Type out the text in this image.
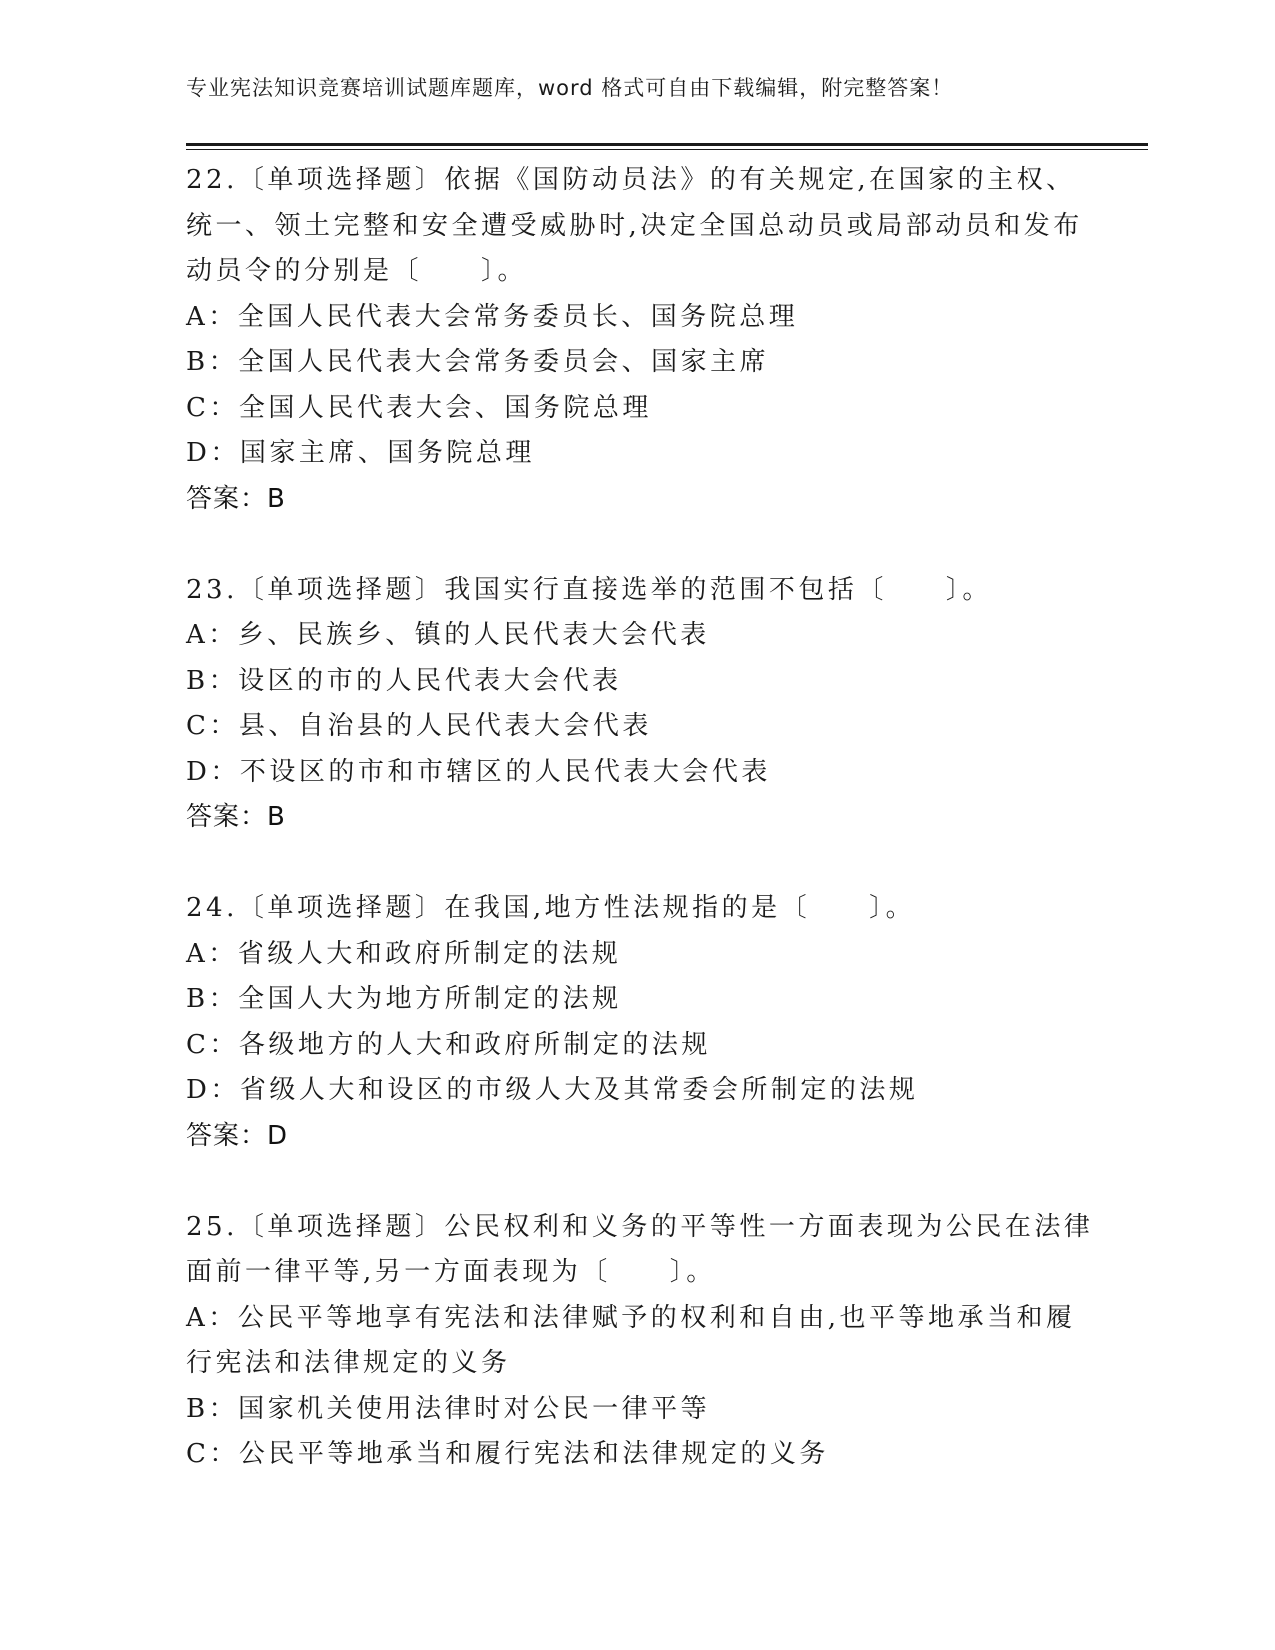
专业宪法知识竞赛培训试题库题库，word 格式可自由下载编辑，附完整答案！
22.〔单项选择题〕依据《国防动员法》的有关规定,在国家的主权、
统一、领土完整和安全遭受威胁时,决定全国总动员或局部动员和发布
动员令的分别是〔　　〕。
A：全国人民代表大会常务委员长、国务院总理
B：全国人民代表大会常务委员会、国家主席
C：全国人民代表大会、国务院总理
D：国家主席、国务院总理
答案：B
23.〔单项选择题〕我国实行直接选举的范围不包括〔　　〕。
A：乡、民族乡、镇的人民代表大会代表
B：设区的市的人民代表大会代表
C：县、自治县的人民代表大会代表
D：不设区的市和市辖区的人民代表大会代表
答案：B
24.〔单项选择题〕在我国,地方性法规指的是〔　　〕。
A：省级人大和政府所制定的法规
B：全国人大为地方所制定的法规
C：各级地方的人大和政府所制定的法规
D：省级人大和设区的市级人大及其常委会所制定的法规
答案：D
25.〔单项选择题〕公民权利和义务的平等性一方面表现为公民在法律
面前一律平等,另一方面表现为〔　　〕。
A：公民平等地享有宪法和法律赋予的权利和自由,也平等地承当和履
行宪法和法律规定的义务
B：国家机关使用法律时对公民一律平等
C：公民平等地承当和履行宪法和法律规定的义务
